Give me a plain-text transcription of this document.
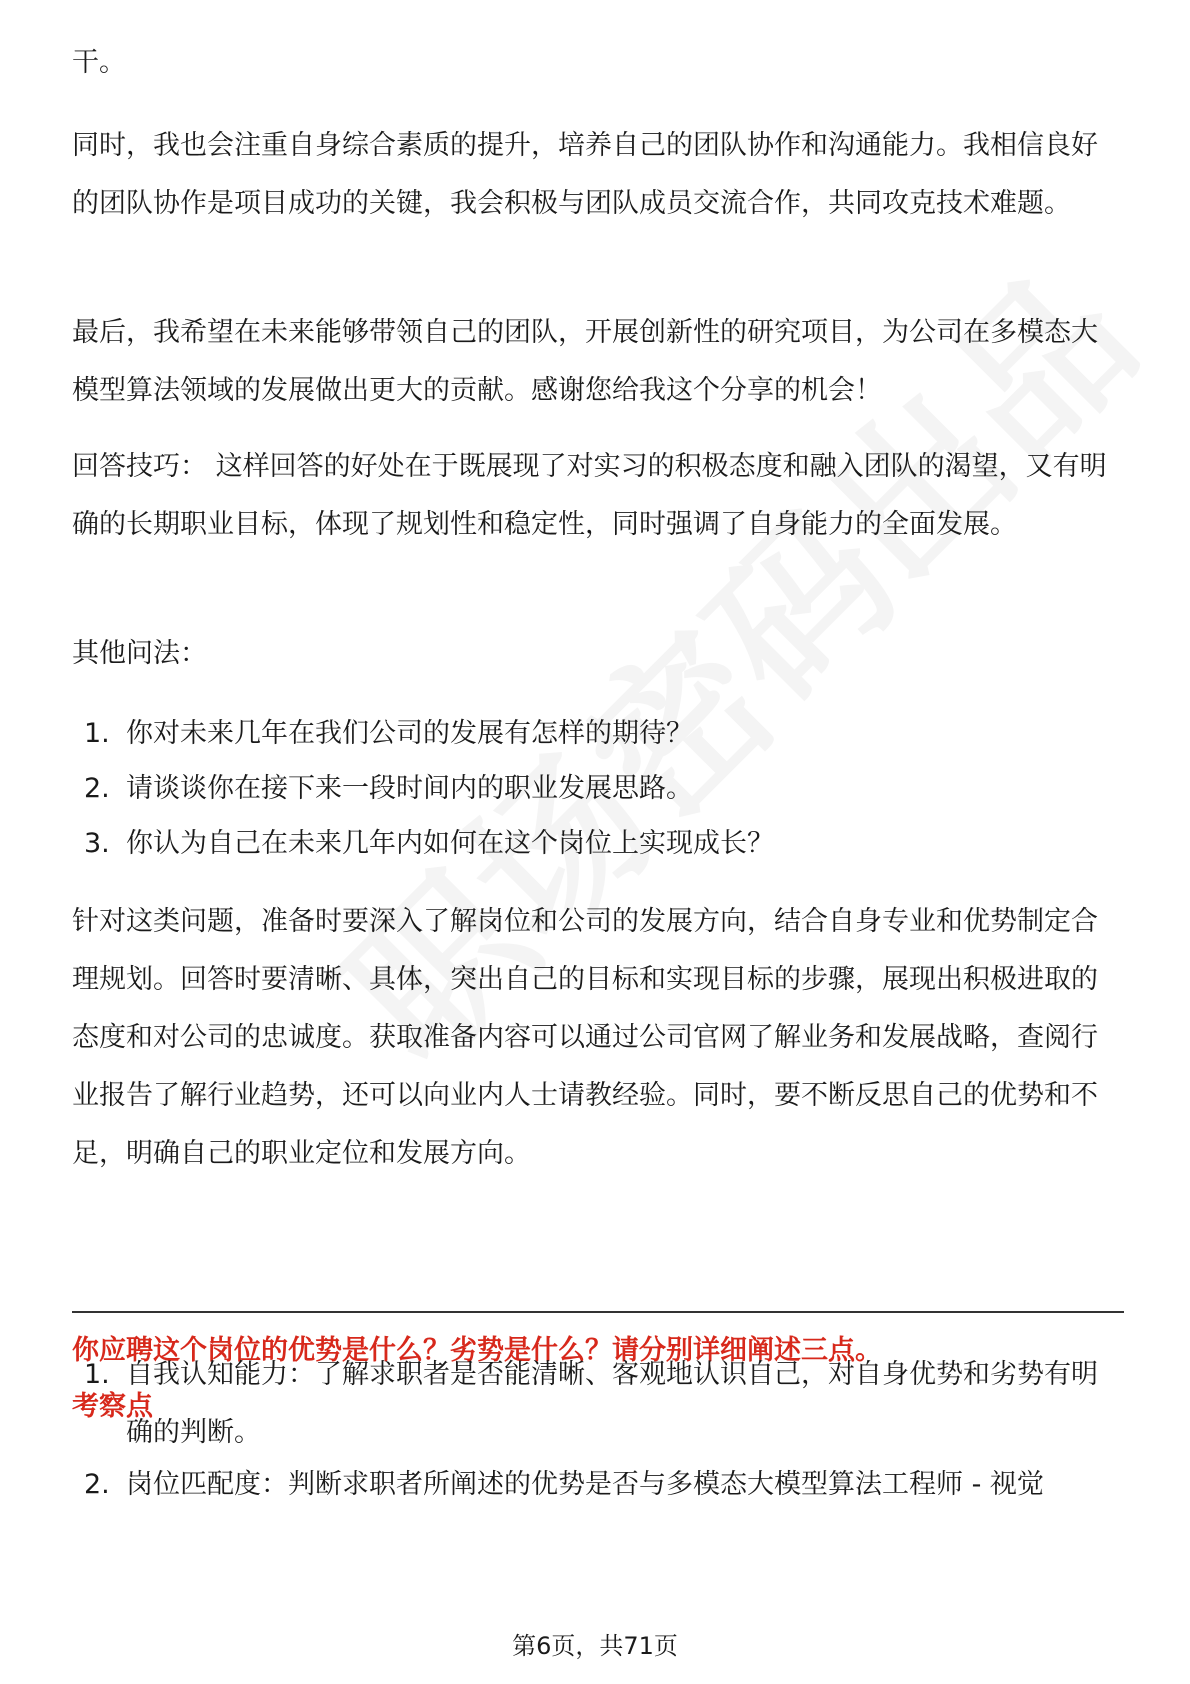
干。

同时，我也会注重自身综合素质的提升，培养自己的团队协作和沟通能力。我相信良好的团队协作是项目成功的关键，我会积极与团队成员交流合作，共同攻克技术难题。

最后，我希望在未来能够带领自己的团队，开展创新性的研究项目，为公司在多模态大模型算法领域的发展做出更大的贡献。感谢您给我这个分享的机会！

回答技巧： 这样回答的好处在于既展现了对实习的积极态度和融入团队的渴望，又有明确的长期职业目标，体现了规划性和稳定性，同时强调了自身能力的全面发展。

其他问法：

1. 你对未来几年在我们公司的发展有怎样的期待？
2. 请谈谈你在接下来一段时间内的职业发展思路。
3. 你认为自己在未来几年内如何在这个岗位上实现成长？

针对这类问题，准备时要深入了解岗位和公司的发展方向，结合自身专业和优势制定合理规划。回答时要清晰、具体，突出自己的目标和实现目标的步骤，展现出积极进取的态度和对公司的忠诚度。获取准备内容可以通过公司官网了解业务和发展战略，查阅行业报告了解行业趋势，还可以向业内人士请教经验。同时，要不断反思自己的优势和不足，明确自己的职业定位和发展方向。

你应聘这个岗位的优势是什么？劣势是什么？请分别详细阐述三点。
考察点
1. 自我认知能力：了解求职者是否能清晰、客观地认识自己，对自身优势和劣势有明确的判断。
2. 岗位匹配度：判断求职者所阐述的优势是否与多模态大模型算法工程师 - 视觉
第6页，共71页
